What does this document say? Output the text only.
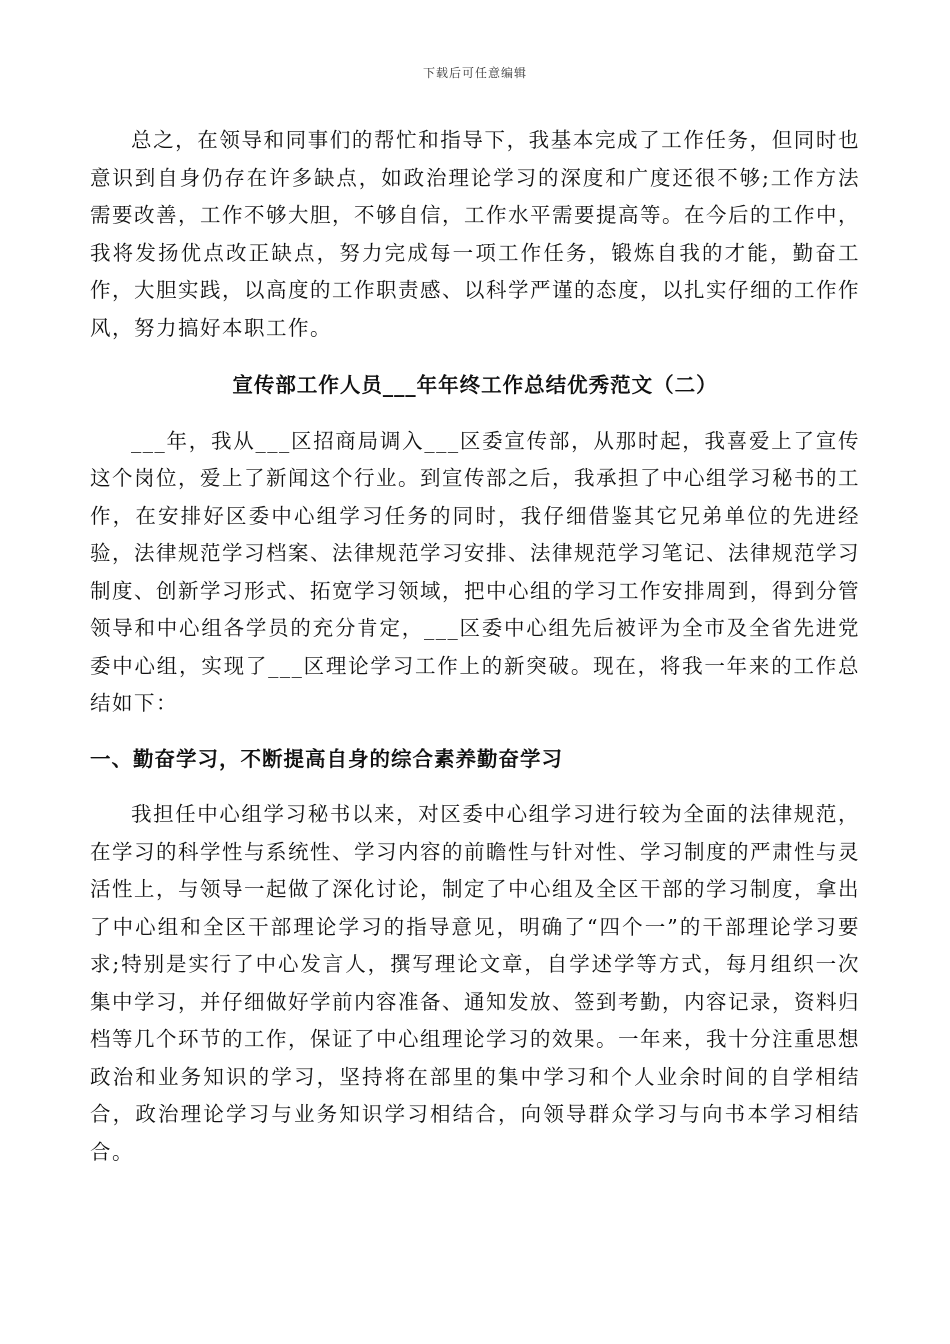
下载后可任意编辑

总之，在领导和同事们的帮忙和指导下，我基本完成了工作任务，但同时也意识到自身仍存在许多缺点，如政治理论学习的深度和广度还很不够;工作方法需要改善，工作不够大胆，不够自信，工作水平需要提高等。在今后的工作中，我将发扬优点改正缺点，努力完成每一项工作任务，锻炼自我的才能，勤奋工作，大胆实践，以高度的工作职责感、以科学严谨的态度，以扎实仔细的工作作风，努力搞好本职工作。

宣传部工作人员___年年终工作总结优秀范文（二）

___年，我从___区招商局调入___区委宣传部，从那时起，我喜爱上了宣传这个岗位，爱上了新闻这个行业。到宣传部之后，我承担了中心组学习秘书的工作，在安排好区委中心组学习任务的同时，我仔细借鉴其它兄弟单位的先进经验，法律规范学习档案、法律规范学习安排、法律规范学习笔记、法律规范学习制度、创新学习形式、拓宽学习领域，把中心组的学习工作安排周到，得到分管领导和中心组各学员的充分肯定，___区委中心组先后被评为全市及全省先进党委中心组，实现了___区理论学习工作上的新突破。现在，将我一年来的工作总结如下：

一、勤奋学习，不断提高自身的综合素养勤奋学习

我担任中心组学习秘书以来，对区委中心组学习进行较为全面的法律规范，在学习的科学性与系统性、学习内容的前瞻性与针对性、学习制度的严肃性与灵活性上，与领导一起做了深化讨论，制定了中心组及全区干部的学习制度，拿出了中心组和全区干部理论学习的指导意见，明确了“四个一”的干部理论学习要求;特别是实行了中心发言人，撰写理论文章，自学述学等方式，每月组织一次集中学习，并仔细做好学前内容准备、通知发放、签到考勤，内容记录，资料归档等几个环节的工作，保证了中心组理论学习的效果。一年来，我十分注重思想政治和业务知识的学习，坚持将在部里的集中学习和个人业余时间的自学相结合，政治理论学习与业务知识学习相结合，向领导群众学习与向书本学习相结合。
